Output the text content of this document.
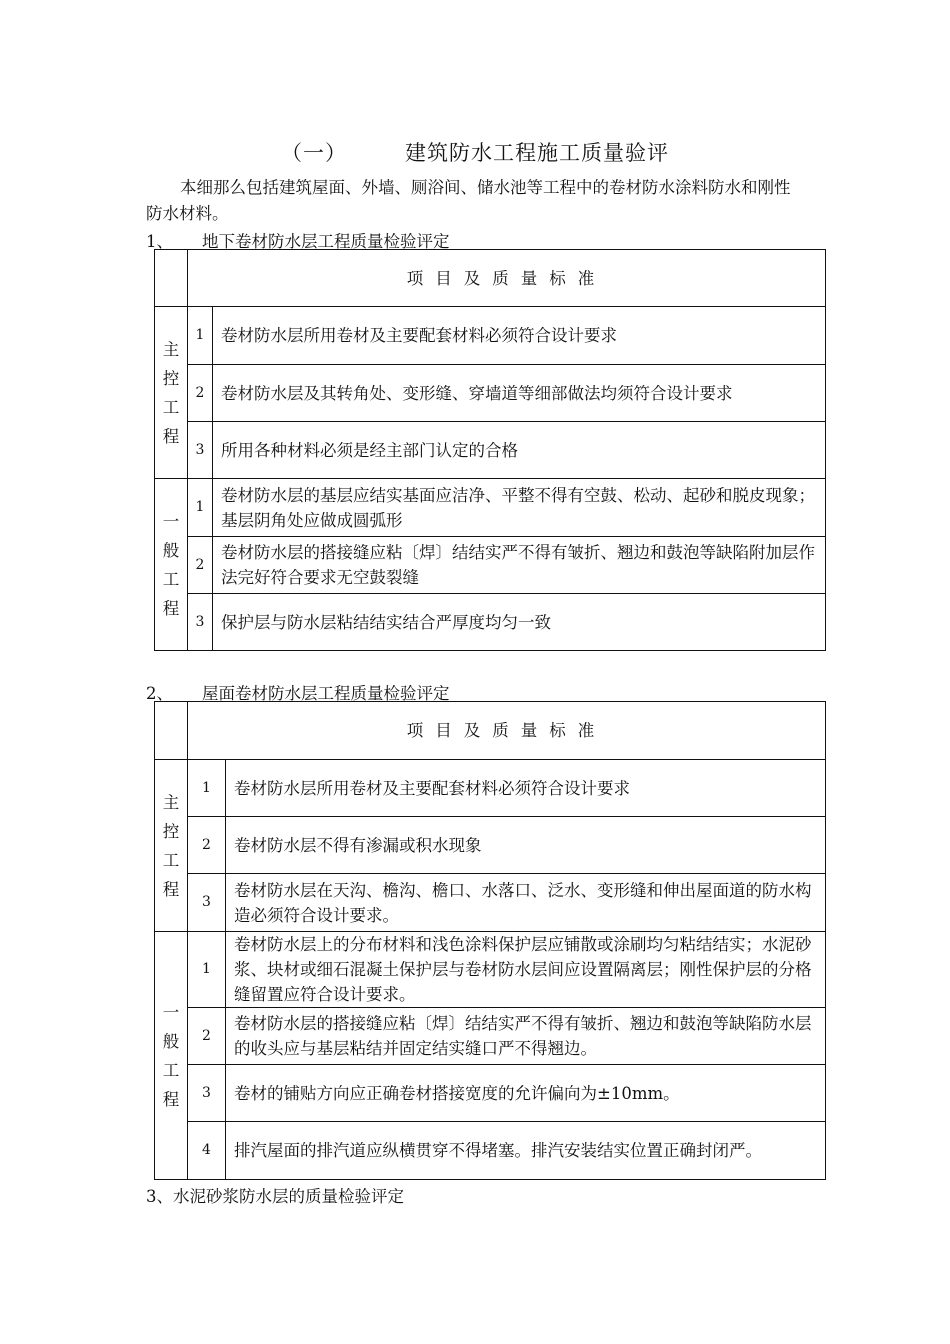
（一）	建筑防水工程施工质量验评

本细那么包括建筑屋面、外墙、厕浴间、储水池等工程中的卷材防水涂料防水和刚性防水材料。

1、 地下卷材防水层工程质量检验评定
	项目及质量标准	

主
控
工
程	1	卷材防水层所用卷材及主要配套材料必须符合设计要求
	2	卷材防水层及其转角处、变形缝、穿墙道等细部做法均须符合设计要求
	3	所用各种材料必须是经主部门认定的合格

一
般
工
程	1	卷材防水层的基层应结实基面应洁净、平整不得有空鼓、松动、起砂和脱皮现象；基层阴角处应做成圆弧形
	2	卷材防水层的搭接缝应粘〔焊〕结结实严不得有皱折、翘边和鼓泡等缺陷附加层作法完好符合要求无空鼓裂缝
	3	保护层与防水层粘结结实结合严厚度均匀一致
2、 屋面卷材防水层工程质量检验评定
	项目及质量标准	

主
控
工
程	1	卷材防水层所用卷材及主要配套材料必须符合设计要求
	2	卷材防水层不得有渗漏或积水现象
	3	卷材防水层在天沟、檐沟、檐口、水落口、泛水、变形缝和伸出屋面道的防水构造必须符合设计要求。

一
般
工
程	1	卷材防水层上的分布材料和浅色涂料保护层应铺散或涂刷均匀粘结结实；水泥砂浆、块材或细石混凝土保护层与卷材防水层间应设置隔离层；刚性保护层的分格缝留置应符合设计要求。
	2	卷材防水层的搭接缝应粘〔焊〕结结实严不得有皱折、翘边和鼓泡等缺陷防水层的收头应与基层粘结并固定结实缝口严不得翘边。
	3	卷材的铺贴方向应正确卷材搭接宽度的允许偏向为±10mm。
	4	排汽屋面的排汽道应纵横贯穿不得堵塞。排汽安装结实位置正确封闭严。
3、水泥砂浆防水层的质量检验评定
